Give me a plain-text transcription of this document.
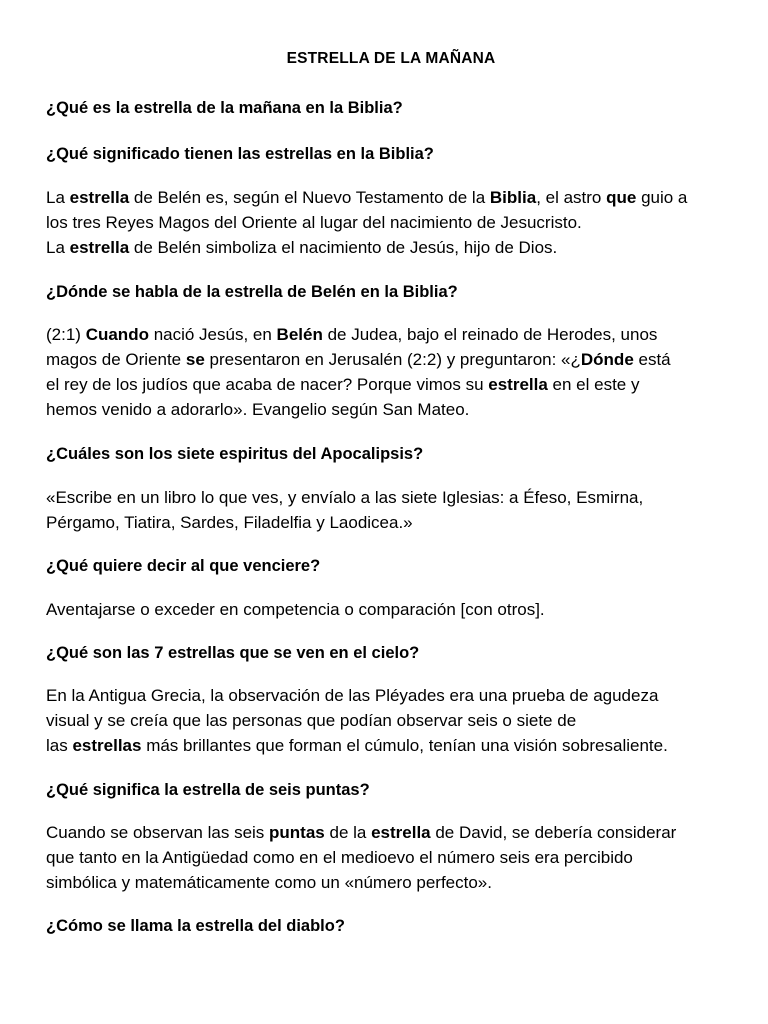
ESTRELLA DE LA MAÑANA
¿Qué es la estrella de la mañana en la Biblia?
¿Qué significado tienen las estrellas en la Biblia?
La estrella de Belén es, según el Nuevo Testamento de la Biblia, el astro que guio a
los tres Reyes Magos del Oriente al lugar del nacimiento de Jesucristo.
La estrella de Belén simboliza el nacimiento de Jesús, hijo de Dios.
¿Dónde se habla de la estrella de Belén en la Biblia?
(2:1) Cuando nació Jesús, en Belén de Judea, bajo el reinado de Herodes, unos
magos de Oriente se presentaron en Jerusalén (2:2) y preguntaron: «¿Dónde está
el rey de los judíos que acaba de nacer? Porque vimos su estrella en el este y
hemos venido a adorarlo». Evangelio según San Mateo.
¿Cuáles son los siete espiritus del Apocalipsis?
«Escribe en un libro lo que ves, y envíalo a las siete Iglesias: a Éfeso, Esmirna,
Pérgamo, Tiatira, Sardes, Filadelfia y Laodicea.»
¿Qué quiere decir al que venciere?
Aventajarse o exceder en competencia o comparación [con otros].
¿Qué son las 7 estrellas que se ven en el cielo?
En la Antigua Grecia, la observación de las Pléyades era una prueba de agudeza
visual y se creía que las personas que podían observar seis o siete de
las estrellas más brillantes que forman el cúmulo, tenían una visión sobresaliente.
¿Qué significa la estrella de seis puntas?
Cuando se observan las seis puntas de la estrella de David, se debería considerar
que tanto en la Antigüedad como en el medioevo el número seis era percibido
simbólica y matemáticamente como un «número perfecto».
¿Cómo se llama la estrella del diablo?
